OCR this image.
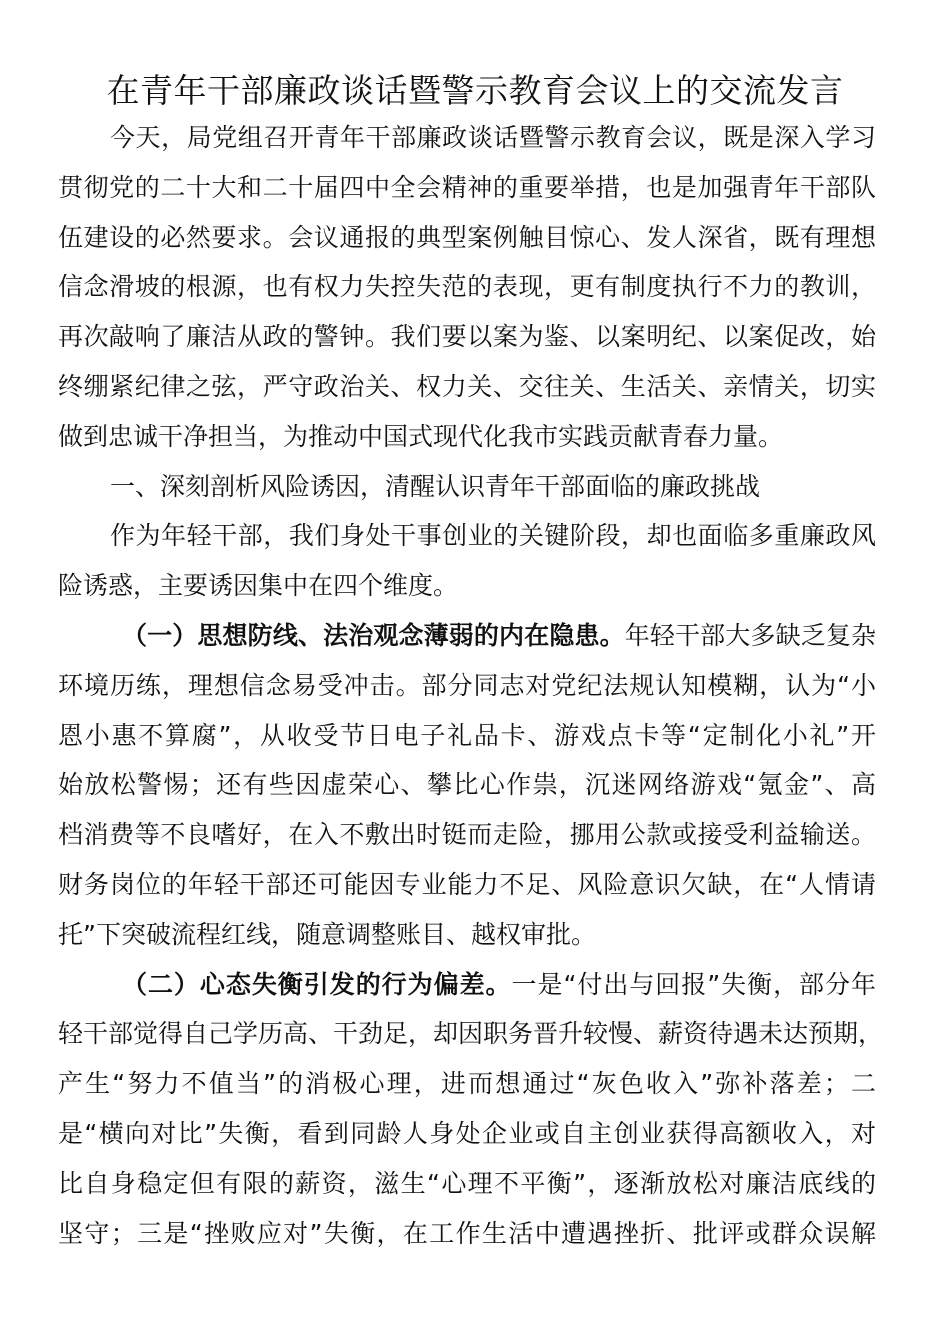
在青年干部廉政谈话暨警示教育会议上的交流发言
今天，局党组召开青年干部廉政谈话暨警示教育会议，既是深入学习
贯彻党的二十大和二十届四中全会精神的重要举措，也是加强青年干部队
伍建设的必然要求。会议通报的典型案例触目惊心、发人深省，既有理想
信念滑坡的根源，也有权力失控失范的表现，更有制度执行不力的教训，
再次敲响了廉洁从政的警钟。我们要以案为鉴、以案明纪、以案促改，始
终绷紧纪律之弦，严守政治关、权力关、交往关、生活关、亲情关，切实
做到忠诚干净担当，为推动中国式现代化我市实践贡献青春力量。
一、深刻剖析风险诱因，清醒认识青年干部面临的廉政挑战
作为年轻干部，我们身处干事创业的关键阶段，却也面临多重廉政风
险诱惑，主要诱因集中在四个维度。
（一）思想防线、法治观念薄弱的内在隐患。年轻干部大多缺乏复杂
环境历练，理想信念易受冲击。部分同志对党纪法规认知模糊，认为“小
恩小惠不算腐”，从收受节日电子礼品卡、游戏点卡等“定制化小礼”开
始放松警惕；还有些因虚荣心、攀比心作祟，沉迷网络游戏“氪金”、高
档消费等不良嗜好，在入不敷出时铤而走险，挪用公款或接受利益输送。
财务岗位的年轻干部还可能因专业能力不足、风险意识欠缺，在“人情请
托”下突破流程红线，随意调整账目、越权审批。
（二）心态失衡引发的行为偏差。一是“付出与回报”失衡，部分年
轻干部觉得自己学历高、干劲足，却因职务晋升较慢、薪资待遇未达预期，
产生“努力不值当”的消极心理，进而想通过“灰色收入”弥补落差；二
是“横向对比”失衡，看到同龄人身处企业或自主创业获得高额收入，对
比自身稳定但有限的薪资，滋生“心理不平衡”，逐渐放松对廉洁底线的
坚守；三是“挫败应对”失衡，在工作生活中遭遇挫折、批评或群众误解
